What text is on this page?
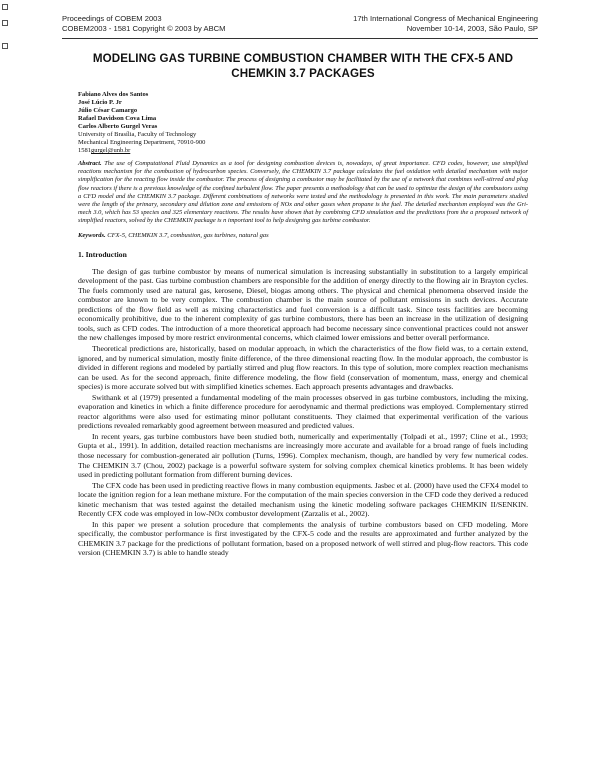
Proceedings of COBEM 2003
COBEM2003 - 1581 Copyright © 2003 by ABCM
17th International Congress of Mechanical Engineering
November 10-14, 2003, São Paulo, SP
MODELING GAS TURBINE COMBUSTION CHAMBER WITH THE CFX-5 AND CHEMKIN 3.7 PACKAGES
Fabiano Alves dos Santos
José Lúcio P. Jr
Júlio César Camargo
Rafael Davidson Cova Lima
Carlos Alberto Gurgel Veras
University of Brasília, Faculty of Technology
Mechanical Engineering Department, 70910-900
1581gurgel@unb.br

Abstract. The use of Computational Fluid Dynamics as a tool for designing combustion devices is, nowadays, of great importance. CFD codes, however, use simplified reactions mechanism for the combustion of hydrocarbon species. Conversely, the CHEMKIN 3.7 package calculates the fuel oxidation with detailed mechanism with major simplification for the reacting flow inside the combustor. The process of designing a combustor may be facilitated by the use of a network that combines well-stirred and plug flow reactors if there is a previous knowledge of the confined turbulent flow. The paper presents a methodology that can be used to optimize the design of the combustors using a CFD model and the CHEMKIN 3.7 package. Different combinations of networks were tested and the methodology is presented in this work. The main parameters studied were the length of the primary, secondary and dilution zone and emissions of NOx and other gases when propane is the fuel. The detailed mechanism employed was the Gri-mech 3.0, which has 53 species and 325 elementary reactions. The results have shown that by combining CFD simulation and the predictions from the a proposed network of simplified reactors, solved by the CHEMKIN package is n important tool to help designing gas turbine combustor.

Keywords. CFX-5, CHEMKIN 3.7, combustion, gas turbines, natural gas

1. Introduction

The design of gas turbine combustor by means of numerical simulation is increasing substantially in substitution to a largely empirical development of the past. Gas turbine combustion chambers are responsible for the addition of energy directly to the flowing air in Brayton cycles. The fuels commonly used are natural gas, kerosene, Diesel, biogas among others. The physical and chemical phenomena observed inside the combustor are known to be very complex. The combustion chamber is the main source of pollutant emissions in such devices. Accurate predictions of the flow field as well as mixing characteristics and fuel conversion is a difficult task. Since tests facilities are becoming economically prohibitive, due to the inherent complexity of gas turbine combustors, there has been an increase in the utilization of designing tools, such as CFD codes. The introduction of a more theoretical approach had become necessary since conventional practices could not answer the new challenges imposed by more restrict environmental concerns, which claimed lower emissions and better overall performance.

Theoretical predictions are, historically, based on modular approach, in which the characteristics of the flow field was, to a certain extend, ignored, and by numerical simulation, mostly finite difference, of the three dimensional reacting flow. In the modular approach, the combustor is divided in different regions and modeled by partially stirred and plug flow reactors. In this type of solution, more complex reaction mechanisms can be used. As for the second approach, finite difference modeling, the flow field (conservation of momentum, mass, energy and chemical species) is more accurate solved but with simplified kinetics schemes. Each approach presents advantages and drawbacks.

Swithank et al (1979) presented a fundamental modeling of the main processes observed in gas turbine combustors, including the mixing, evaporation and kinetics in which a finite difference procedure for aerodynamic and thermal predictions was employed. Complementary stirred reactor algorithms were also used for estimating minor pollutant constituents. They claimed that experimental verification of the various predictions revealed remarkably good agreement between measured and predicted values.

In recent years, gas turbine combustors have been studied both, numerically and experimentally (Tolpadi et al., 1997; Cline et al., 1993; Gupta et al., 1991). In addition, detailed reaction mechanisms are increasingly more accurate and available for a broad range of fuels including those necessary for combustion-generated air pollution (Turns, 1996). Complex mechanism, though, are handled by very few numerical codes. The CHEMKIN 3.7 (Chou, 2002) package is a powerful software system for solving complex chemical kinetics problems. It has been widely used in predicting pollutant formation from different burning devices.

The CFX code has been used in predicting reactive flows in many combustion equipments. Jasbec et al. (2000) have used the CFX4 model to locate the ignition region for a lean methane mixture. For the computation of the main species conversion in the CFD code they derived a reduced kinetic mechanism that was tested against the detailed mechanism using the kinetic modeling software packages CHEMKIN II/SENKIN. Recently CFX code was employed in low-NOx combustor development (Zarzalis et al., 2002).

In this paper we present a solution procedure that complements the analysis of turbine combustors based on CFD modeling. More specifically, the combustor performance is first investigated by the CFX-5 code and the results are approximated and further analyzed by the CHEMKIN 3.7 package for the predictions of pollutant formation, based on a proposed network of well stirred and plug-flow reactors. This code version (CHEMKIN 3.7) is able to handle steady
